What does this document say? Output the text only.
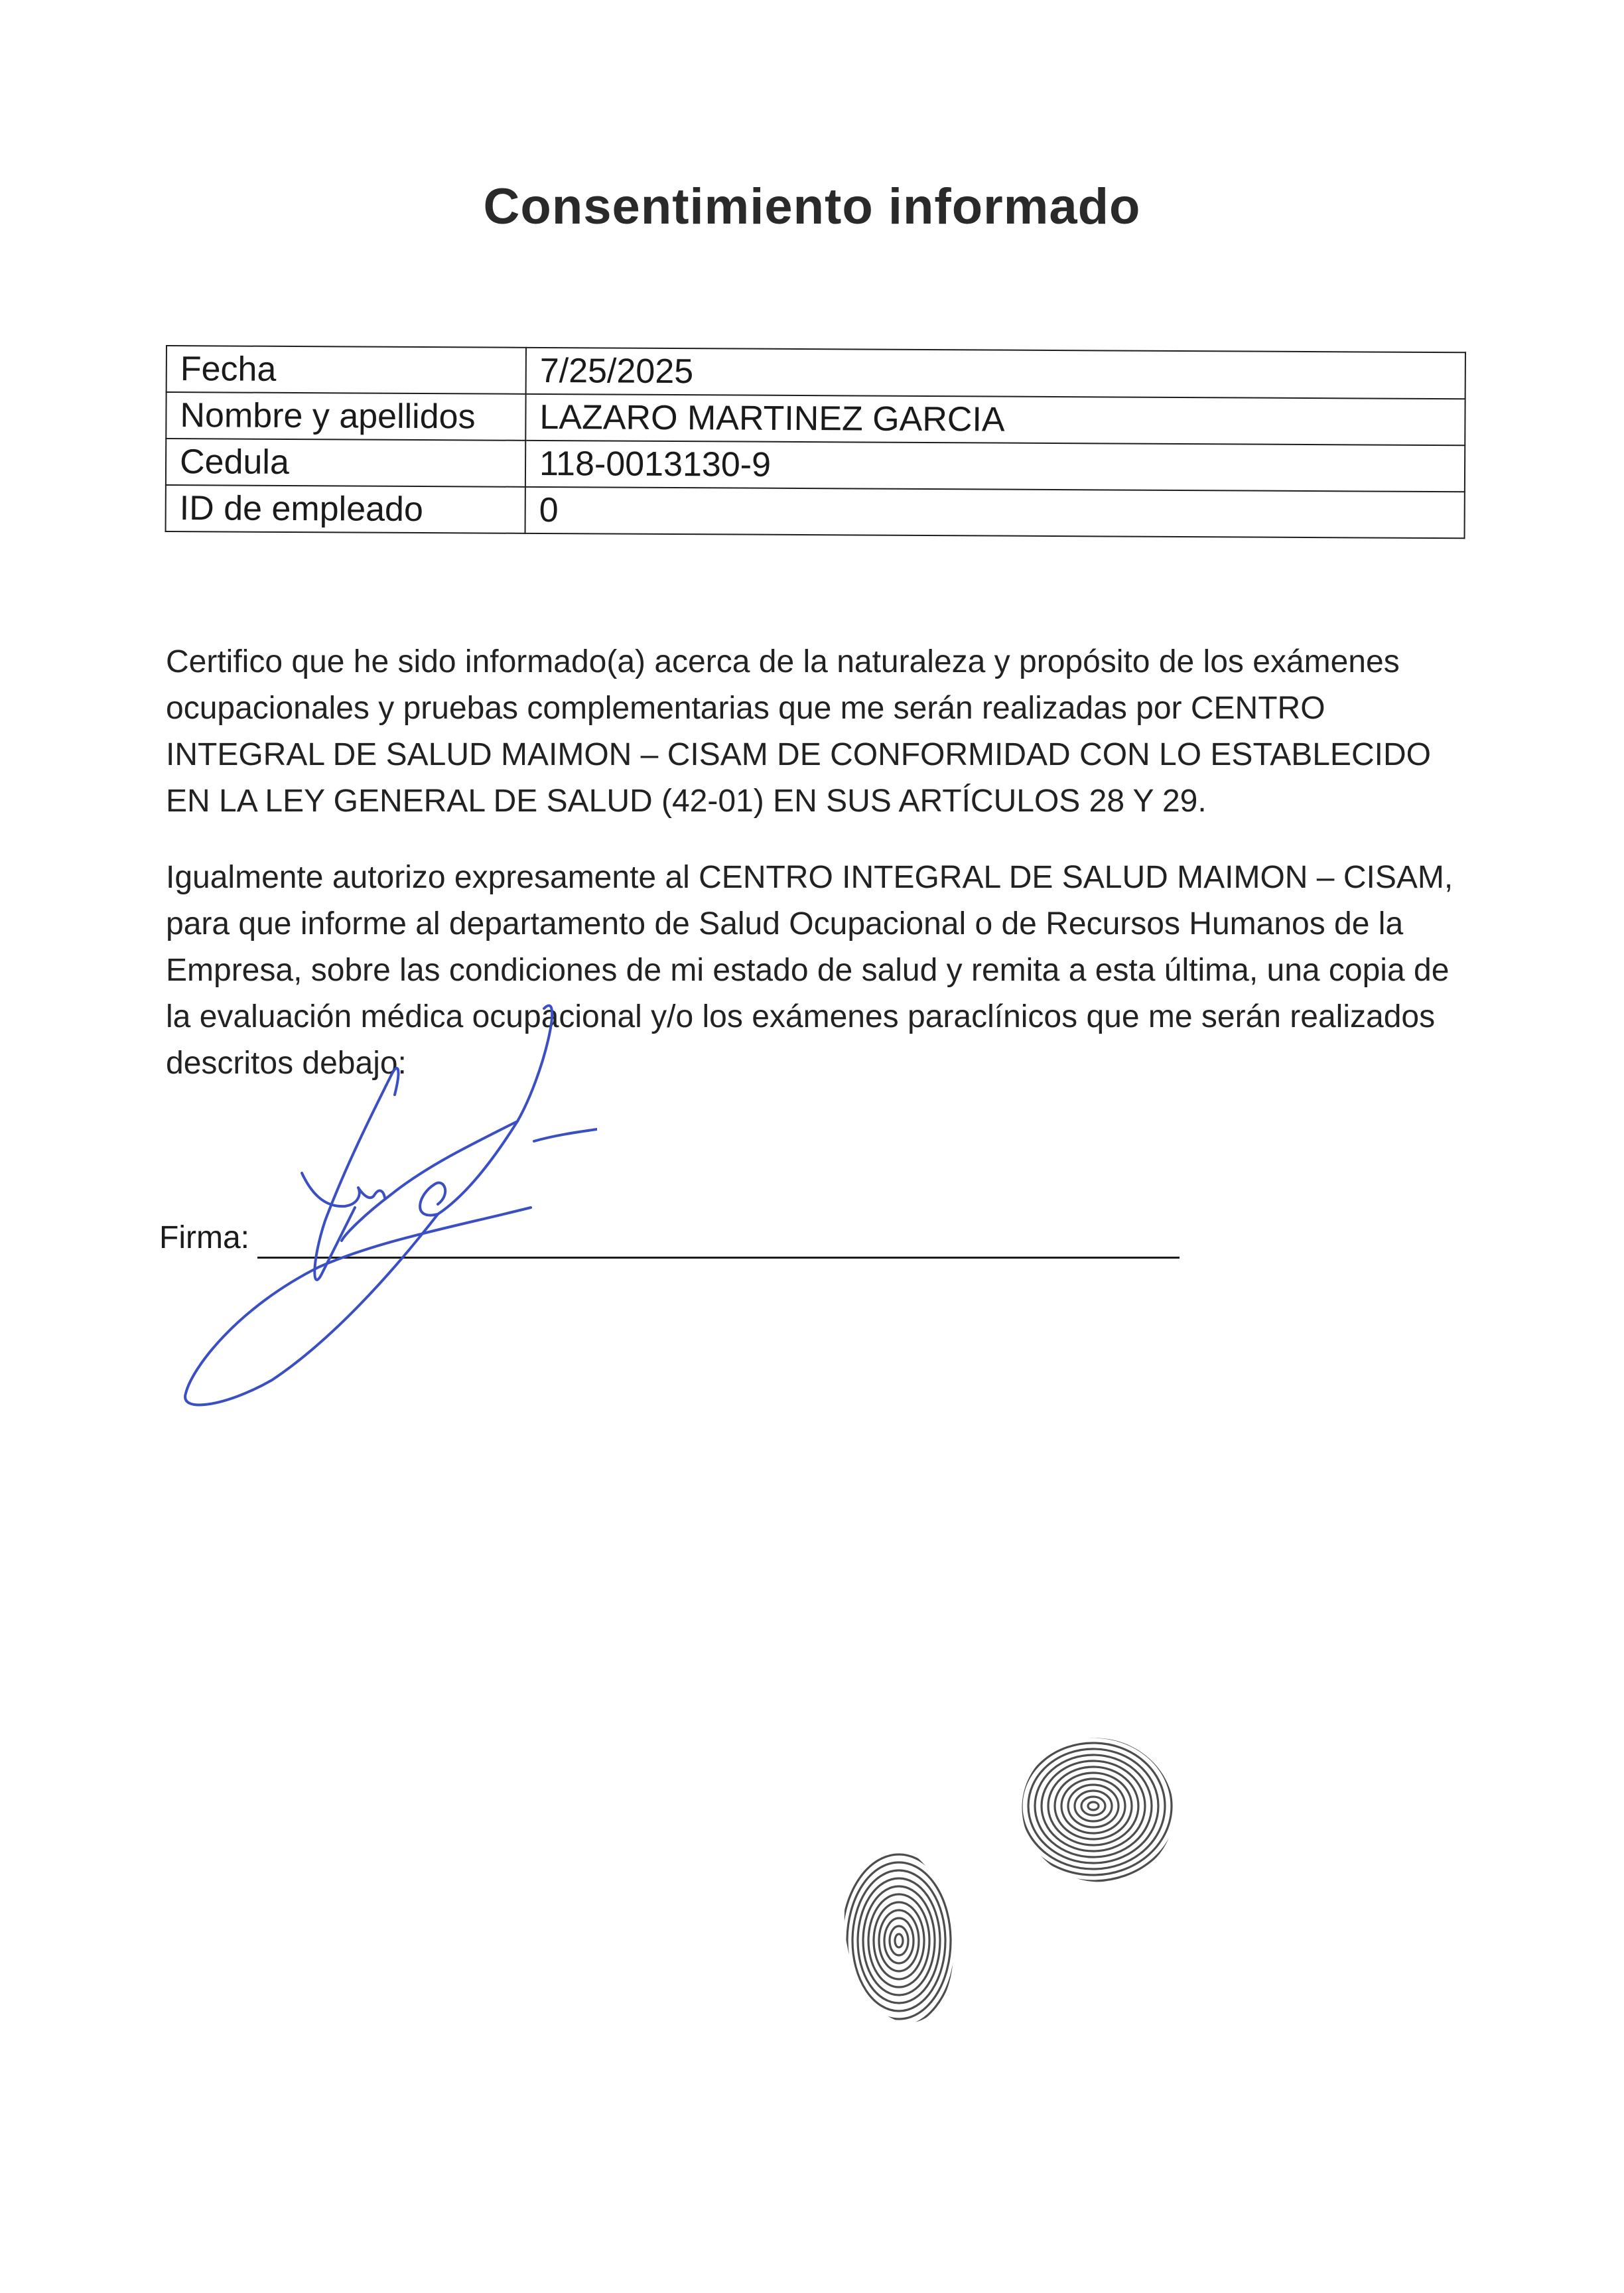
Consentimiento informado
Fecha	7/25/2025
Nombre y apellidos	LAZARO MARTINEZ GARCIA
Cedula	118-0013130-9
ID de empleado	0

Certifico que he sido informado(a) acerca de la naturaleza y propósito de los exámenes ocupacionales y pruebas complementarias que me serán realizadas por CENTRO INTEGRAL DE SALUD MAIMON – CISAM DE CONFORMIDAD CON LO ESTABLECIDO EN LA LEY GENERAL DE SALUD (42-01) EN SUS ARTÍCULOS 28 Y 29.

Igualmente autorizo expresamente al CENTRO INTEGRAL DE SALUD MAIMON – CISAM, para que informe al departamento de Salud Ocupacional o de Recursos Humanos de la Empresa, sobre las condiciones de mi estado de salud y remita a esta última, una copia de la evaluación médica ocupacional y/o los exámenes paraclínicos que me serán realizados descritos debajo:

Firma:
